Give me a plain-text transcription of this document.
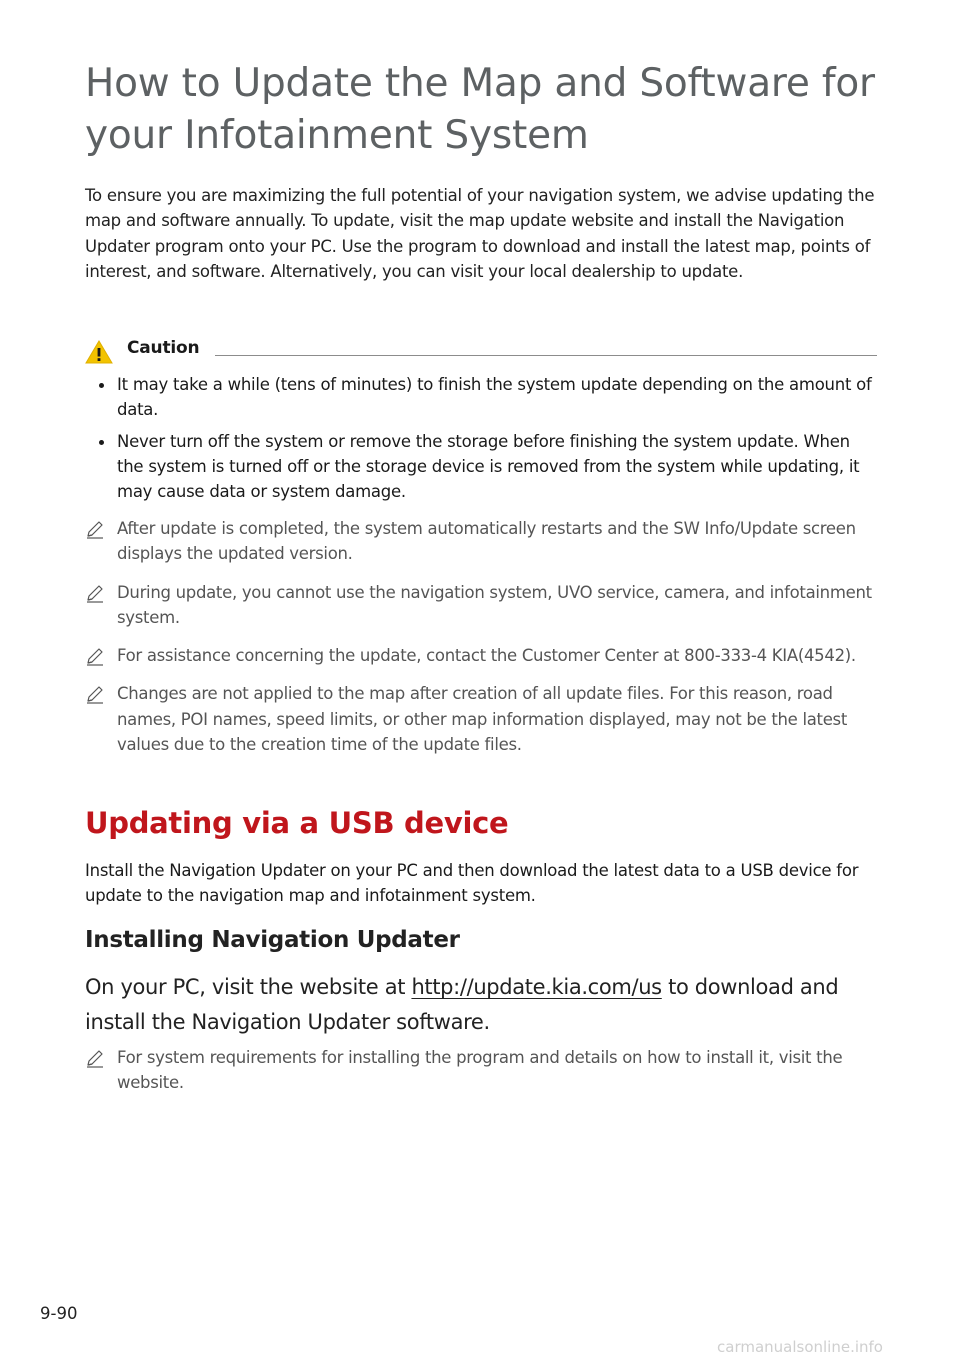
How to Update the Map and Software for your Infotainment System

To ensure you are maximizing the full potential of your navigation system, we advise updating the map and software annually. To update, visit the map update website and install the Navigation Updater program onto your PC. Use the program to download and install the latest map, points of interest, and software. Alternatively, you can visit your local dealership to update.

Caution
It may take a while (tens of minutes) to finish the system update depending on the amount of data.
Never turn off the system or remove the storage before finishing the system update. When the system is turned off or the storage device is removed from the system while updating, it may cause data or system damage.
After update is completed, the system automatically restarts and the SW Info/Update screen displays the updated version.
During update, you cannot use the navigation system, UVO service, camera, and infotainment system.
For assistance concerning the update, contact the Customer Center at 800-333-4 KIA(4542).
Changes are not applied to the map after creation of all update files. For this reason, road names, POI names, speed limits, or other map information displayed, may not be the latest values due to the creation time of the update files.
Updating via a USB device

Install the Navigation Updater on your PC and then download the latest data to a USB device for update to the navigation map and infotainment system.

Installing Navigation Updater

On your PC, visit the website at http://update.kia.com/us to download and install the Navigation Updater software.

For system requirements for installing the program and details on how to install it, visit the website.
9-90
carmanualsonline.info
